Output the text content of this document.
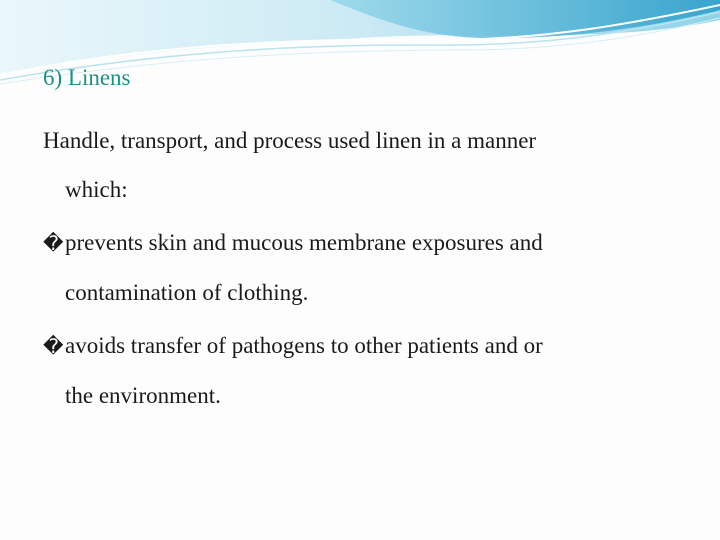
6) Linens
Handle, transport, and process used linen in a manner
which:
�prevents skin and mucous membrane exposures and
contamination of clothing.
�avoids transfer of pathogens to other patients and or
the environment.
